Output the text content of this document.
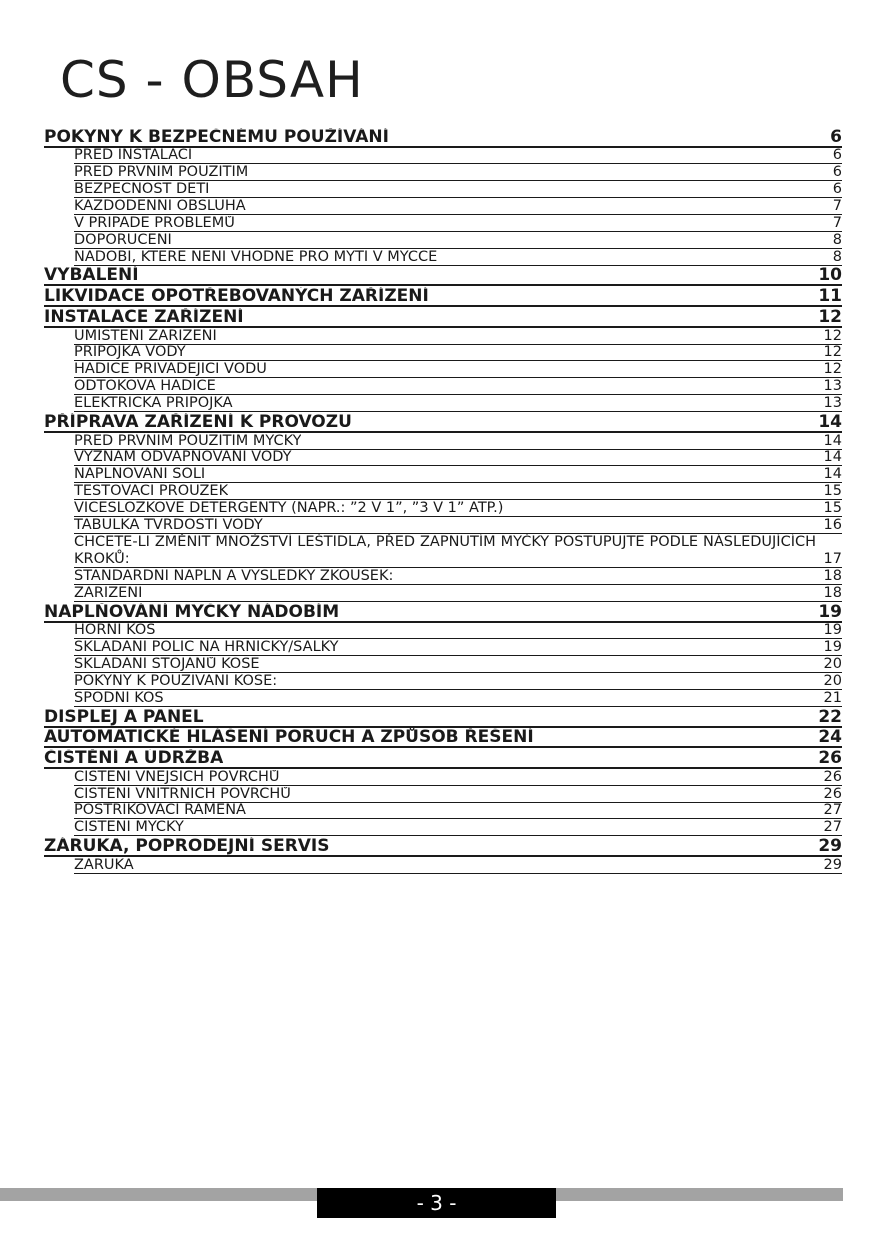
CS - OBSAH
POKYNY K BEZPEČNÉMU POUŽÍVÁNÍ	6
PŘED INSTALACÍ	6
PŘED PRVNÍM POUŽITÍM	6
BEZPEČNOST DĚTÍ	6
KAŽDODENNÍ OBSLUHA	7
V PŘÍPADĚ PROBLÉMŮ	7
DOPORUČENÍ	8
NÁDOBÍ, KTERÉ NENÍ VHODNÉ PRO MYTÍ V MYČCE	8
VYBALENÍ	10
LIKVIDACE OPOTŘEBOVANÝCH ZAŘÍZENÍ	11
INSTALACE ZAŘÍZENÍ	12
UMÍSTĚNÍ ZAŘÍZENÍ	12
PŘÍPOJKA VODY	12
HADICE PŘIVÁDĚJÍCÍ VODU	12
ODTOKOVÁ HADICE	13
ELEKTRICKÁ PŘÍPOJKA	13
PŘÍPRAVA ZAŘÍZENÍ K PROVOZU	14
PŘED PRVNÍM POUŽITÍM MYČKY	14
VÝZNAM ODVÁPŇOVÁNÍ VODY	14
NAPLŇOVÁNÍ SOLÍ	14
TESTOVACÍ PROUŽEK	15
VÍCESLOŽKOVÉ DETERGENTY (NAPŘ.: ”2 V 1”, ”3 V 1” ATP.)	15
TABULKA TVRDOSTI VODY	16
CHCETE-LI ZMĚNIT MNOŽSTVÍ LEŠTIDLA, PŘED ZAPNUTÍM MYČKY POSTUPUJTE PODLE NÁSLEDUJÍCÍCH KROKŮ:	17
STANDARDNÍ NÁPLŇ A VÝSLEDKY ZKOUŠEK:	18
ZAŘÍZENÍ	18
NAPLŇOVÁNÍ MYČKY NÁDOBÍM	19
HORNÍ KOŠ	19
SKLÁDÁNÍ POLIC NA HRNÍČKY/ŠÁLKY	19
SKLÁDÁNÍ STOJANŮ KOŠE	20
POKYNY K POUŽÍVÁNÍ KOŠE:	20
SPODNÍ KOŠ	21
DISPLEJ A PANEL	22
AUTOMATICKÉ HLÁŠENÍ PORUCH A ZPŮSOB ŘEŠENÍ	24
ČIŠTĚNÍ A ÚDRŽBA	26
ČIŠTĚNÍ VNĚJŠÍCH POVRCHŮ	26
ČIŠTĚNÍ VNITŘNÍCH POVRCHŮ	26
POSTŘIKOVACÍ RAMENA	27
ČIŠTĚNÍ MYČKY	27
ZÁRUKA, POPRODEJNÍ SERVIS	29
ZÁRUKA	29
- 3 -
